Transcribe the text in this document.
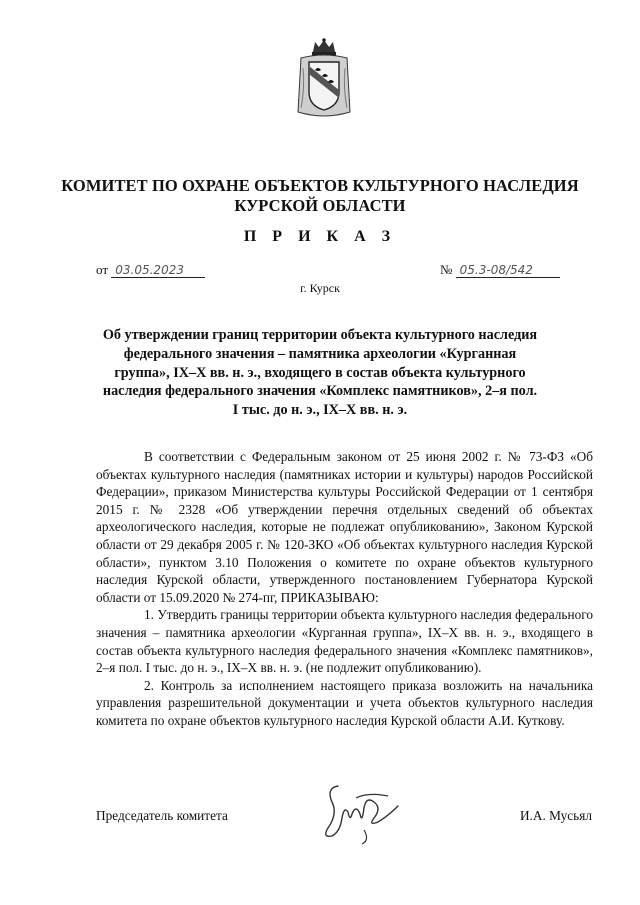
КОМИТЕТ ПО ОХРАНЕ ОБЪЕКТОВ КУЛЬТУРНОГО НАСЛЕДИЯ
КУРСКОЙ ОБЛАСТИ
П Р И К А З
от 03.05.2023	№ 05.3-08/542
г. Курск
Об утверждении границ территории объекта культурного наследия федерального значения – памятника археологии «Курганная группа», IX–X вв. н. э., входящего в состав объекта культурного наследия федерального значения «Комплекс памятников», 2–я пол. I тыс. до н. э., IX–X вв. н. э.

В соответствии с Федеральным законом от 25 июня 2002 г. № 73-ФЗ «Об объектах культурного наследия (памятниках истории и культуры) народов Российской Федерации», приказом Министерства культуры Российской Федерации от 1 сентября 2015 г. № 2328 «Об утверждении перечня отдельных сведений об объектах археологического наследия, которые не подлежат опубликованию», Законом Курской области от 29 декабря 2005 г. № 120-ЗКО «Об объектах культурного наследия Курской области», пунктом 3.10 Положения о комитете по охране объектов культурного наследия Курской области, утвержденного постановлением Губернатора Курской области от 15.09.2020 № 274-пг, ПРИКАЗЫВАЮ:

1. Утвердить границы территории объекта культурного наследия федерального значения – памятника археологии «Курганная группа», IX–X вв. н. э., входящего в состав объекта культурного наследия федерального значения «Комплекс памятников», 2–я пол. I тыс. до н. э., IX–X вв. н. э. (не подлежит опубликованию).

2. Контроль за исполнением настоящего приказа возложить на начальника управления разрешительной документации и учета объектов культурного наследия комитета по охране объектов культурного наследия Курской области А.И. Куткову.

Председатель комитета	И.А. Мусьял
